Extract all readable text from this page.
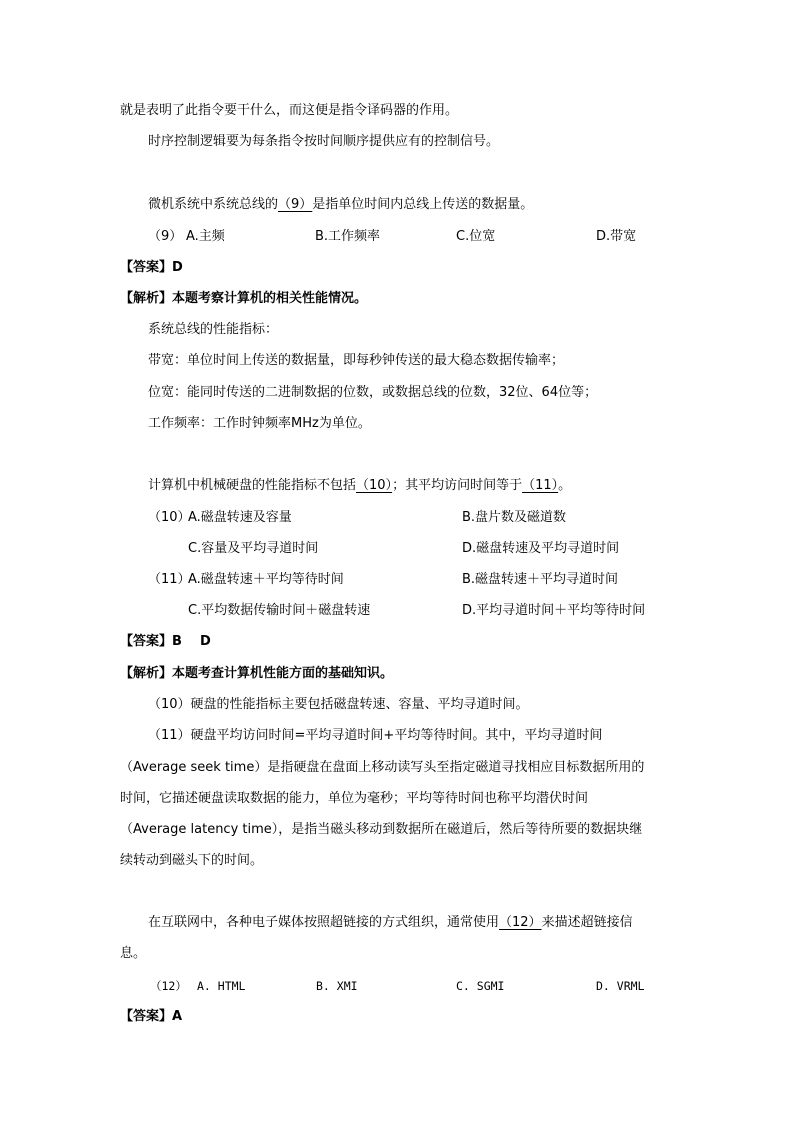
就是表明了此指令要干什么，而这便是指令译码器的作用。
时序控制逻辑要为每条指令按时间顺序提供应有的控制信号。
微机系统中系统总线的（9）是指单位时间内总线上传送的数据量。
（9） A.主频	B.工作频率	C.位宽	D.带宽
【答案】D
【解析】本题考察计算机的相关性能情况。
系统总线的性能指标：
带宽：单位时间上传送的数据量，即每秒钟传送的最大稳态数据传输率；
位宽：能同时传送的二进制数据的位数，或数据总线的位数，32位、64位等；
工作频率：工作时钟频率MHz为单位。
计算机中机械硬盘的性能指标不包括（10）；其平均访问时间等于（11）。
（10）
A.磁盘转速及容量	B.盘片数及磁道数
C.容量及平均寻道时间	D.磁盘转速及平均寻道时间
（11）
A.磁盘转速＋平均等待时间	B.磁盘转速＋平均寻道时间
C.平均数据传输时间＋磁盘转速	D.平均寻道时间＋平均等待时间
【答案】B    D
【解析】本题考查计算机性能方面的基础知识。
（10）硬盘的性能指标主要包括磁盘转速、容量、平均寻道时间。
（11）硬盘平均访问时间=平均寻道时间+平均等待时间。其中，平均寻道时间
（Average seek time）是指硬盘在盘面上移动读写头至指定磁道寻找相应目标数据所用的
时间，它描述硬盘读取数据的能力，单位为毫秒；平均等待时间也称平均潜伏时间
（Average latency time），是指当磁头移动到数据所在磁道后，然后等待所要的数据块继
续转动到磁头下的时间。
在互联网中，各种电子媒体按照超链接的方式组织，通常使用（12）来描述超链接信
息。
（12） A. HTML	B. XMI	C. SGMI	D. VRML
【答案】A
